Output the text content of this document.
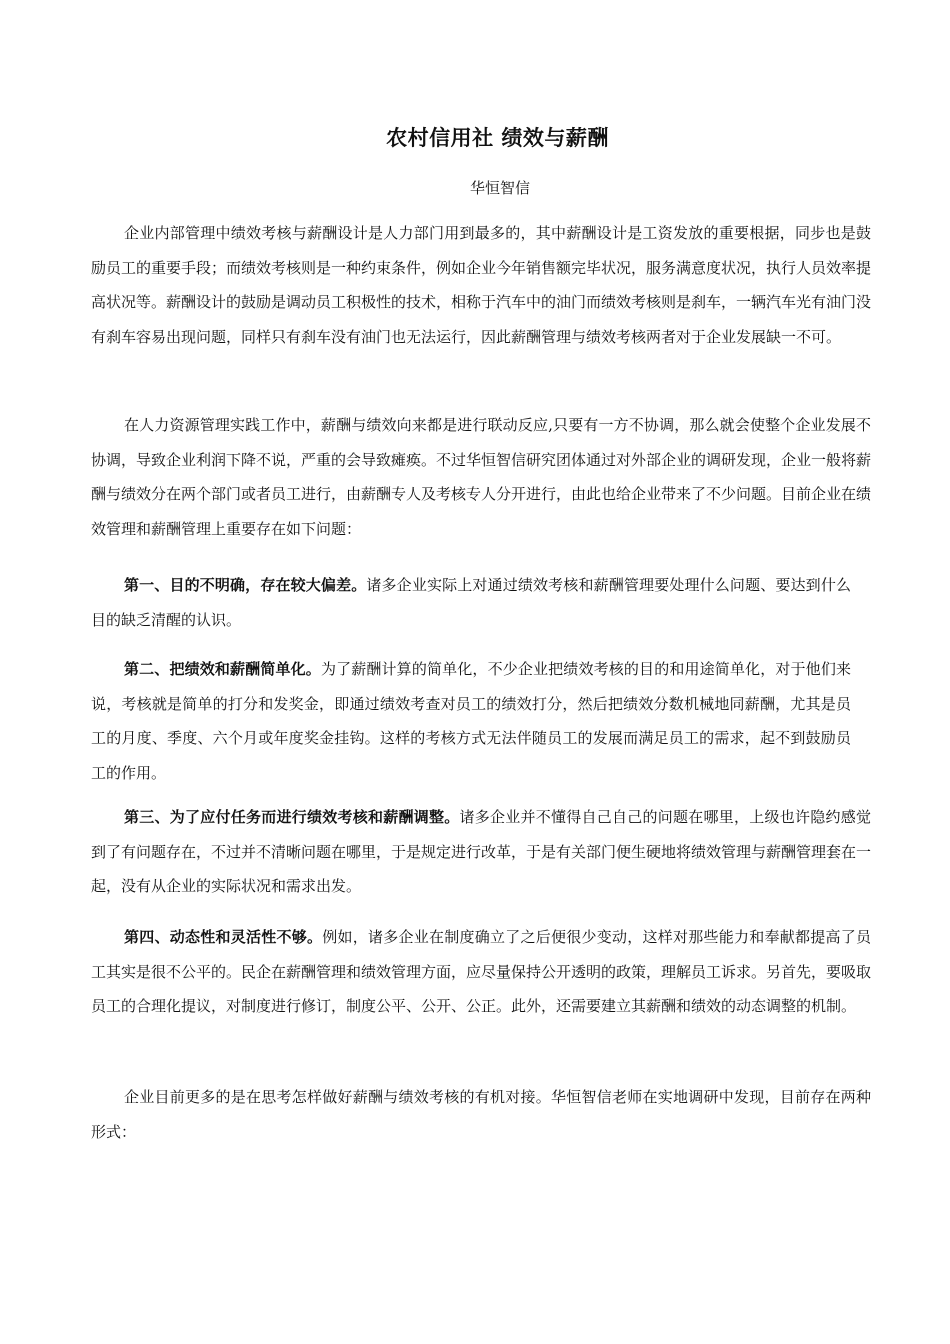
农村信用社 绩效与薪酬
华恒智信

企业内部管理中绩效考核与薪酬设计是人力部门用到最多的，其中薪酬设计是工资发放的重要根据，同步也是鼓励员工的重要手段；而绩效考核则是一种约束条件，例如企业今年销售额完毕状况，服务满意度状况，执行人员效率提高状况等。薪酬设计的鼓励是调动员工积极性的技术，相称于汽车中的油门而绩效考核则是刹车，一辆汽车光有油门没有刹车容易出现问题，同样只有刹车没有油门也无法运行，因此薪酬管理与绩效考核两者对于企业发展缺一不可。

在人力资源管理实践工作中，薪酬与绩效向来都是进行联动反应,只要有一方不协调，那么就会使整个企业发展不协调，导致企业利润下降不说，严重的会导致瘫痪。不过华恒智信研究团体通过对外部企业的调研发现，企业一般将薪酬与绩效分在两个部门或者员工进行，由薪酬专人及考核专人分开进行，由此也给企业带来了不少问题。目前企业在绩效管理和薪酬管理上重要存在如下问题：

第一、目的不明确，存在较大偏差。诸多企业实际上对通过绩效考核和薪酬管理要处理什么问题、要达到什么目的缺乏清醒的认识。

第二、把绩效和薪酬简单化。为了薪酬计算的简单化，不少企业把绩效考核的目的和用途简单化，对于他们来说，考核就是简单的打分和发奖金，即通过绩效考查对员工的绩效打分，然后把绩效分数机械地同薪酬，尤其是员工的月度、季度、六个月或年度奖金挂钩。这样的考核方式无法伴随员工的发展而满足员工的需求，起不到鼓励员工的作用。

第三、为了应付任务而进行绩效考核和薪酬调整。诸多企业并不懂得自己自己的问题在哪里，上级也许隐约感觉到了有问题存在，不过并不清晰问题在哪里，于是规定进行改革，于是有关部门便生硬地将绩效管理与薪酬管理套在一起，没有从企业的实际状况和需求出发。

第四、动态性和灵活性不够。例如，诸多企业在制度确立了之后便很少变动，这样对那些能力和奉献都提高了员工其实是很不公平的。民企在薪酬管理和绩效管理方面，应尽量保持公开透明的政策，理解员工诉求。另首先，要吸取员工的合理化提议，对制度进行修订，制度公平、公开、公正。此外，还需要建立其薪酬和绩效的动态调整的机制。

企业目前更多的是在思考怎样做好薪酬与绩效考核的有机对接。华恒智信老师在实地调研中发现，目前存在两种形式：
